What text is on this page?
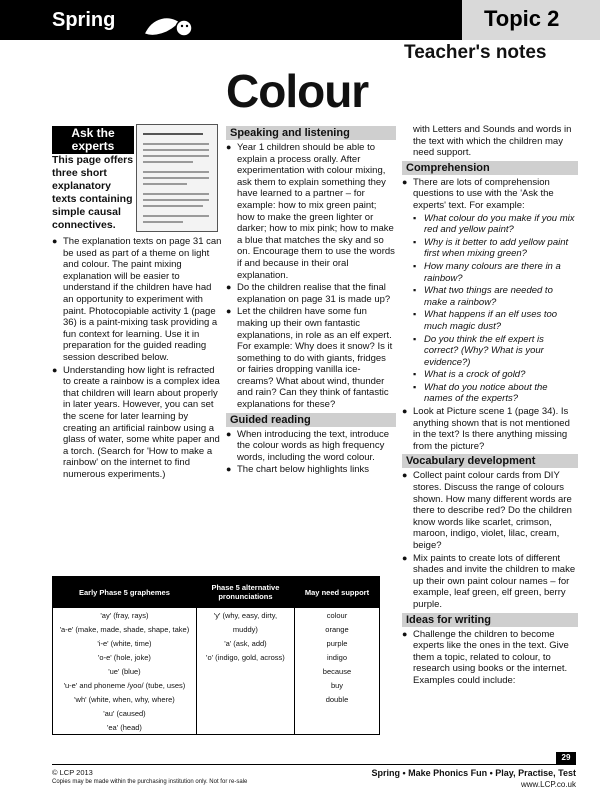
Spring	Topic 2
Teacher's notes
Colour
Ask the experts
This page offers three short explanatory texts containing simple causal connectives.
● The explanation texts on page 31 can be used as part of a theme on light and colour. The paint mixing explanation will be easier to understand if the children have had an opportunity to experiment with paint. Photocopiable activity 1 (page 36) is a paint-mixing task providing a fun context for learning. Use it in preparation for the guided reading session described below.
● Understanding how light is refracted to create a rainbow is a complex idea that children will learn about properly in later years. However, you can set the scene for later learning by creating an artificial rainbow using a glass of water, some white paper and a torch. (Search for 'How to make a rainbow' on the internet to find numerous experiments.)
Speaking and listening
● Year 1 children should be able to explain a process orally. After experimentation with colour mixing, ask them to explain something they have learned to a partner – for example: how to mix green paint; how to make the green lighter or darker; how to mix pink; how to make a blue that matches the sky and so on. Encourage them to use the words if and because in their oral explanation.
● Do the children realise that the final explanation on page 31 is made up?
● Let the children have some fun making up their own fantastic explanations, in role as an elf expert. For example: Why does it snow? Is it something to do with giants, fridges or fairies dropping vanilla ice-creams? What about wind, thunder and rain? Can they think of fantastic explanations for these?
Guided reading
● When introducing the text, introduce the colour words as high frequency words, including the word colour.
● The chart below highlights links

with Letters and Sounds and words in the text with which the children may need support.

Comprehension
● There are lots of comprehension questions to use with the 'Ask the experts' text. For example:
▪ What colour do you make if you mix red and yellow paint?
▪ Why is it better to add yellow paint first when mixing green?
▪ How many colours are there in a rainbow?
▪ What two things are needed to make a rainbow?
▪ What happens if an elf uses too much magic dust?
▪ Do you think the elf expert is correct? (Why? What is your evidence?)
▪ What is a crock of gold?
▪ What do you notice about the names of the experts?
● Look at Picture scene 1 (page 34). Is anything shown that is not mentioned in the text? Is there anything missing from the picture?
Vocabulary development
● Collect paint colour cards from DIY stores. Discuss the range of colours shown. How many different words are there to describe red? Do the children know words like scarlet, crimson, maroon, indigo, violet, lilac, cream, beige?
● Mix paints to create lots of different shades and invite the children to make up their own paint colour names – for example, leaf green, elf green, berry purple.
Ideas for writing
● Challenge the children to become experts like the ones in the text. Give them a topic, related to colour, to research using books or the internet. Examples could include:
Early Phase 5 graphemes	Phase 5 alternative pronunciations	May need support
'ay' (fray, rays)	'y' (why, easy, dirty,	colour
'a-e' (make, made, shade, shape, take)	muddy)	orange
'i-e' (white, time)	'a' (ask, add)	purple
'o-e' (hole, joke)	'o' (indigo, gold, across)	indigo
'ue' (blue)		because
'u-e' and phoneme /yoo/ (tube, uses)		buy
'wh' (white, when, why, where)		double
'au' (caused)		
'ea' (head)		
29
© LCP 2013
Copies may be made within the purchasing institution only. Not for re-sale
Spring • Make Phonics Fun • Play, Practise, Test
www.LCP.co.uk
